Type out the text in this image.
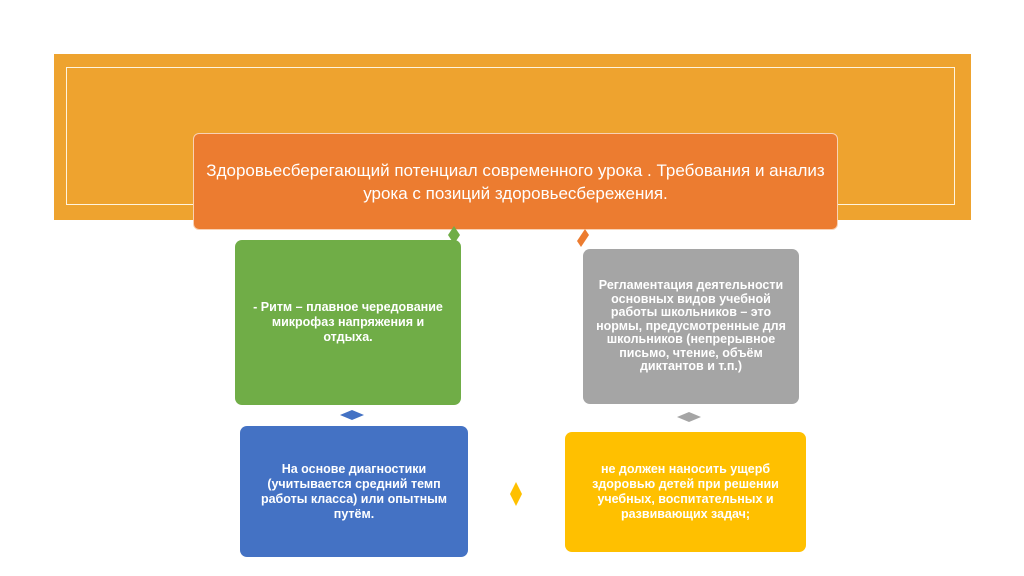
Здоровьесберегающий потенциал современного урока . Требования и анализ урока с позиций здоровьесбережения.
- Ритм – плавное чередование микрофаз напряжения и отдыха.
Регламентация деятельности основных видов учебной работы школьников – это нормы, предусмотренные для школьников (непрерывное письмо, чтение, объём диктантов и т.п.)
На основе диагностики (учитывается средний темп работы класса) или опытным путём.
не должен наносить ущерб здоровью детей при решении учебных, воспитательных и развивающих задач;
